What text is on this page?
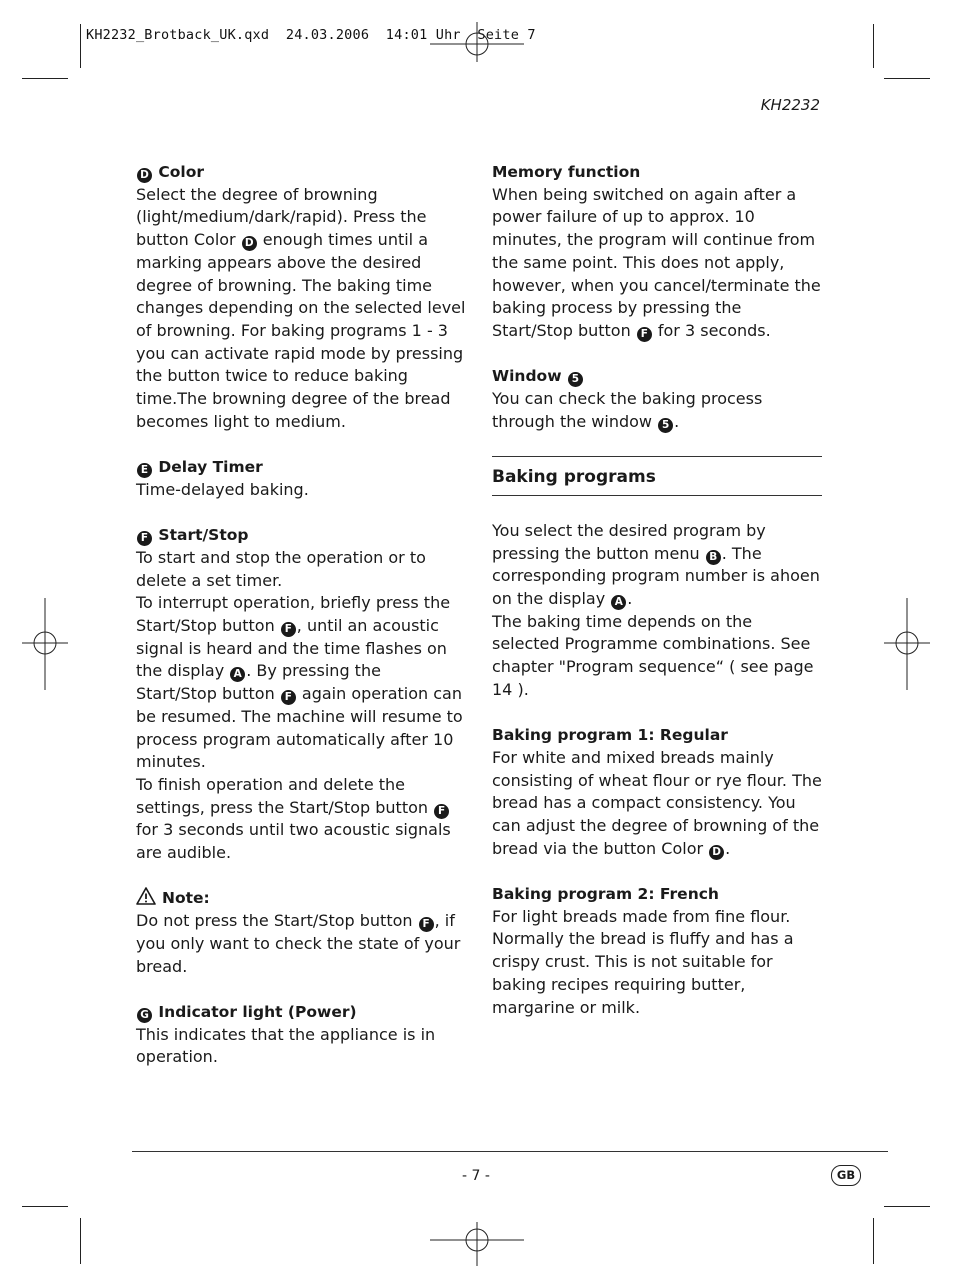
KH2232_Brotback_UK.qxd  24.03.2006  14:01 Uhr  Seite 7
KH2232
D Color

Select the degree of browning (light/medium/dark/rapid). Press the button Color D enough times until a marking appears above the desired degree of browning. The baking time changes depending on the selected level of browning. For baking programs 1 - 3 you can activate rapid mode by pressing the button twice to reduce baking time.The browning degree of the bread becomes light to medium.

E Delay Timer

Time-delayed baking.

F Start/Stop

To start and stop the operation or to delete a set timer.

To interrupt operation, briefly press the Start/Stop button F , until an acoustic signal is heard and the time flashes on the display A . By pressing the Start/Stop button F again operation can be resumed. The machine will resume to process program automatically after 10 minutes.

To finish operation and delete the settings, press the Start/Stop button F for 3 seconds until two acoustic signals are audible.

Note:

Do not press the Start/Stop button F , if you only want to check the state of your bread.

G Indicator light (Power)

This indicates that the appliance is in operation.

Memory function

When being switched on again after a power failure of up to approx. 10 minutes, the program will continue from the same point. This does not apply, however, when you cancel/terminate the baking process by pressing the Start/Stop button F for 3 seconds.

Window 5

You can check the baking process through the window 5 .

Baking programs

You select the desired program by pressing the button menu B . The corresponding program number is ahoen on the display A .

The baking time depends on the selected Programme combinations. See chapter "Program sequence“ ( see page 14 ).

Baking program 1: Regular

For white and mixed breads mainly consisting of wheat flour or rye flour. The bread has a compact consistency. You can adjust the degree of browning of the bread via the button Color D .

Baking program 2: French

For light breads made from fine flour. Normally the bread is fluffy and has a crispy crust. This is not suitable for baking recipes requiring butter, margarine or milk.

- 7 -	GB
